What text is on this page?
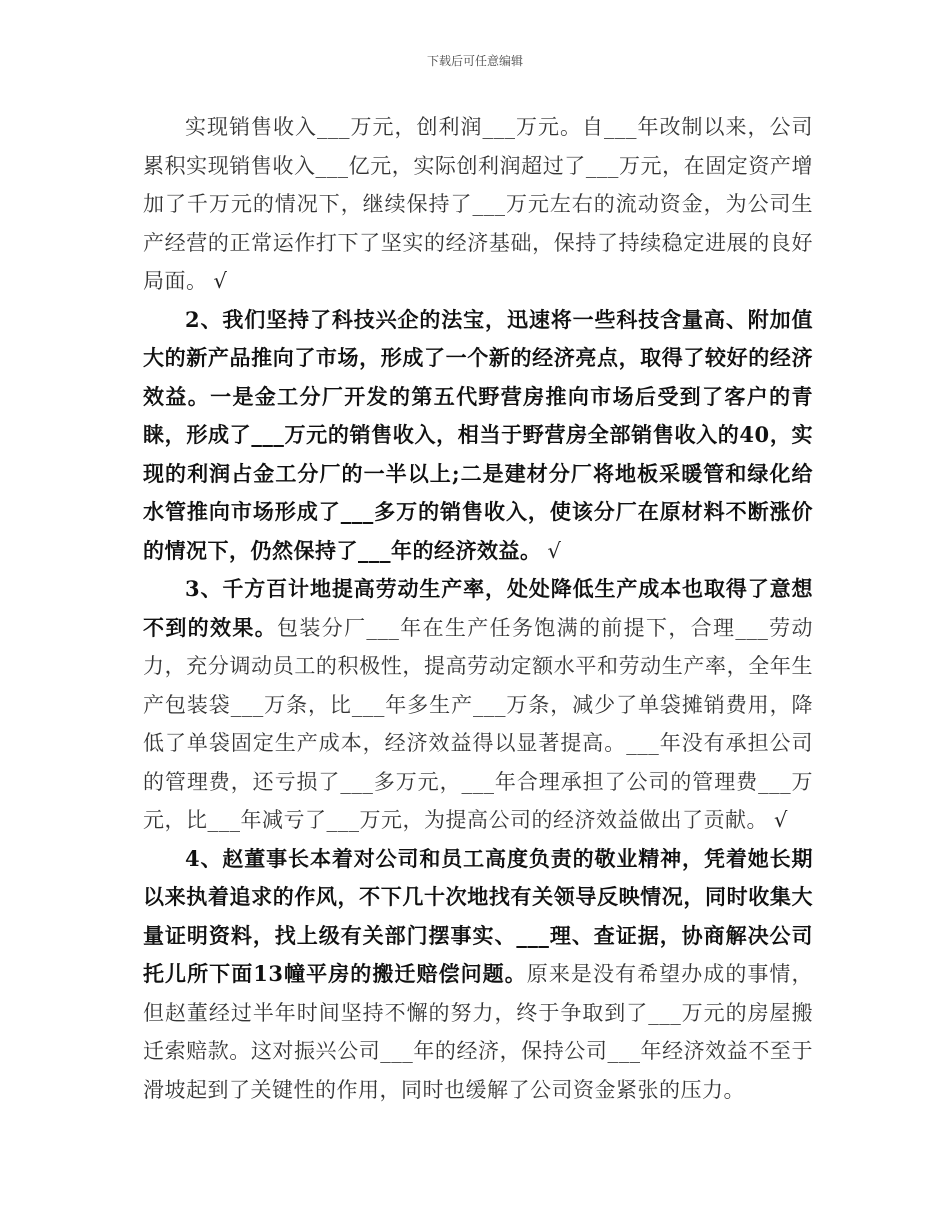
下载后可任意编辑

实现销售收入___万元，创利润___万元。自___年改制以来，公司累积实现销售收入___亿元，实际创利润超过了___万元，在固定资产增加了千万元的情况下，继续保持了___万元左右的流动资金，为公司生产经营的正常运作打下了坚实的经济基础，保持了持续稳定进展的良好局面。 √

2、我们坚持了科技兴企的法宝，迅速将一些科技含量高、附加值大的新产品推向了市场，形成了一个新的经济亮点，取得了较好的经济效益。一是金工分厂开发的第五代野营房推向市场后受到了客户的青睐，形成了___万元的销售收入，相当于野营房全部销售收入的40，实现的利润占金工分厂的一半以上;二是建材分厂将地板采暖管和绿化给水管推向市场形成了___多万的销售收入，使该分厂在原材料不断涨价的情况下，仍然保持了___年的经济效益。 √

3、千方百计地提高劳动生产率，处处降低生产成本也取得了意想不到的效果。包装分厂___年在生产任务饱满的前提下，合理___劳动力，充分调动员工的积极性，提高劳动定额水平和劳动生产率，全年生产包装袋___万条，比___年多生产___万条，减少了单袋摊销费用，降低了单袋固定生产成本，经济效益得以显著提高。___年没有承担公司的管理费，还亏损了___多万元，___年合理承担了公司的管理费___万元，比___年减亏了___万元，为提高公司的经济效益做出了贡献。 √

4、赵董事长本着对公司和员工高度负责的敬业精神，凭着她长期以来执着追求的作风，不下几十次地找有关领导反映情况，同时收集大量证明资料，找上级有关部门摆事实、___理、查证据，协商解决公司托儿所下面13幢平房的搬迁赔偿问题。原来是没有希望办成的事情，但赵董经过半年时间坚持不懈的努力，终于争取到了___万元的房屋搬迁索赔款。这对振兴公司___年的经济，保持公司___年经济效益不至于滑坡起到了关键性的作用，同时也缓解了公司资金紧张的压力。
